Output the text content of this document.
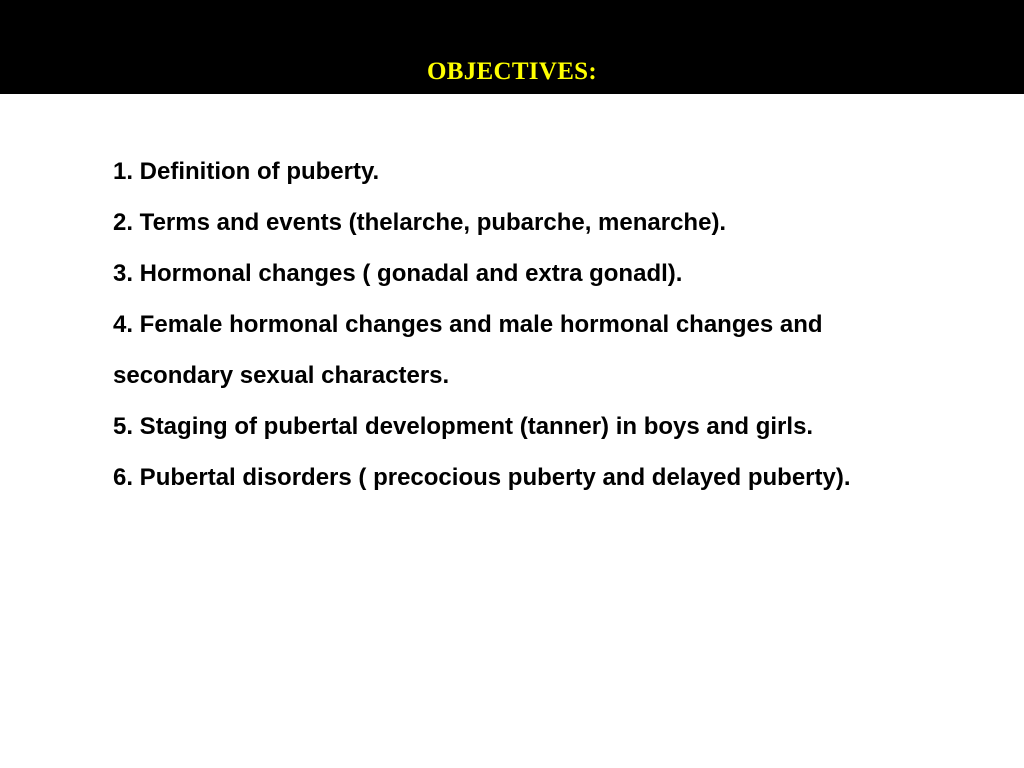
OBJECTIVES:

1. Definition of puberty.

2. Terms and events (thelarche, pubarche, menarche).

3. Hormonal changes ( gonadal and extra gonadl).

4. Female hormonal changes and male hormonal changes and secondary sexual characters.

5. Staging of pubertal development (tanner) in boys and girls.

6. Pubertal disorders ( precocious puberty and delayed puberty).
